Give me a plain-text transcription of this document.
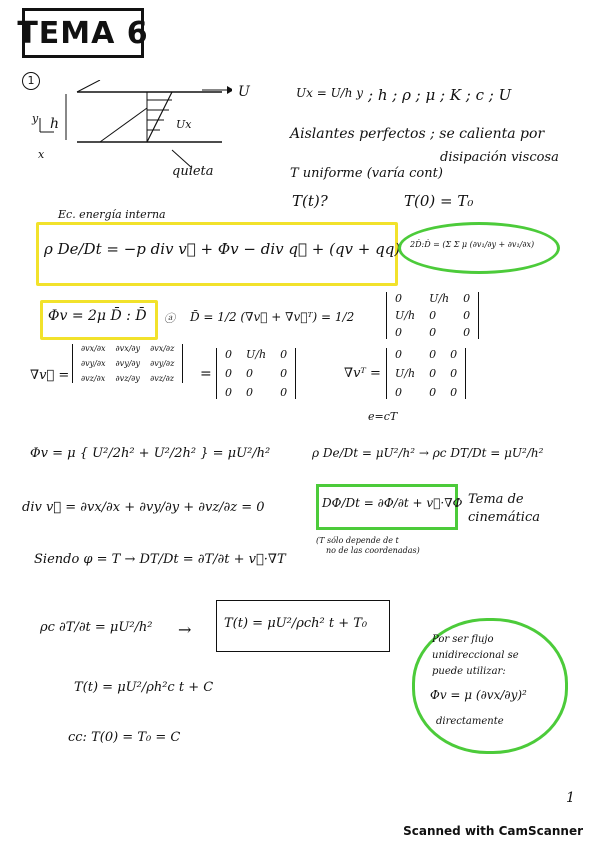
TEMA 6
1
U
y
x
h	Ux
quieta
Ux = U/h y ; h ; ρ ; μ ; K ; c ; U
Aislantes perfectos ; se calienta por
disipación viscosa
T uniforme (varía cont)
T(t)?	T(0) = T₀
Ec. energía interna
ρ De/Dt = −p div v⃗ + Φv − div q⃗ + (qv + qq) 2Ḋ:Ḋ = (Σ Σ μ (∂v₁/∂y + ∂v₁/∂x)
Φv = 2μ D̄ : D̄ ⓐ D̄ = 1/2 (∇v⃗ + ∇v⃗ᵀ) = 1/2
0	U/h 0
U/h 0	0
0	0	0
∇v⃗ =
∂vx/∂x ∂vx/∂y ∂vx/∂z
∂vy/∂x ∂vy/∂y ∂vy/∂z
∂vz/∂x ∂vz/∂y ∂vz/∂z =
0 U/h 0
0 0	0
0 0	0
∇vᵀ =
0	0 0
U/h 0 0
0	0 0
Φv = μ { U²/2h² + U²/2h² } = μU²/h²
e=cT
ρ De/Dt = μU²/h² → ρc DT/Dt = μU²/h²
div v⃗ = ∂vx/∂x + ∂vy/∂y + ∂vz/∂z = 0	DΦ/Dt = ∂Φ/∂t + v⃗·∇Φ Tema de
cinemática
Siendo φ = T → DT/Dt = ∂T/∂t + v⃗·∇T
(T sólo depende de t
no de las coordenadas)
ρc ∂T/∂t = μU²/h² →	T(t) = μU²/ρch² t + T₀
T(t) = μU²/ρh²c t + C
cc: T(0) = T₀ = C
Por ser flujo
unidireccional se
puede utilizar:
Φv = μ (∂vx/∂y)²
directamente
1
Scanned with CamScanner
